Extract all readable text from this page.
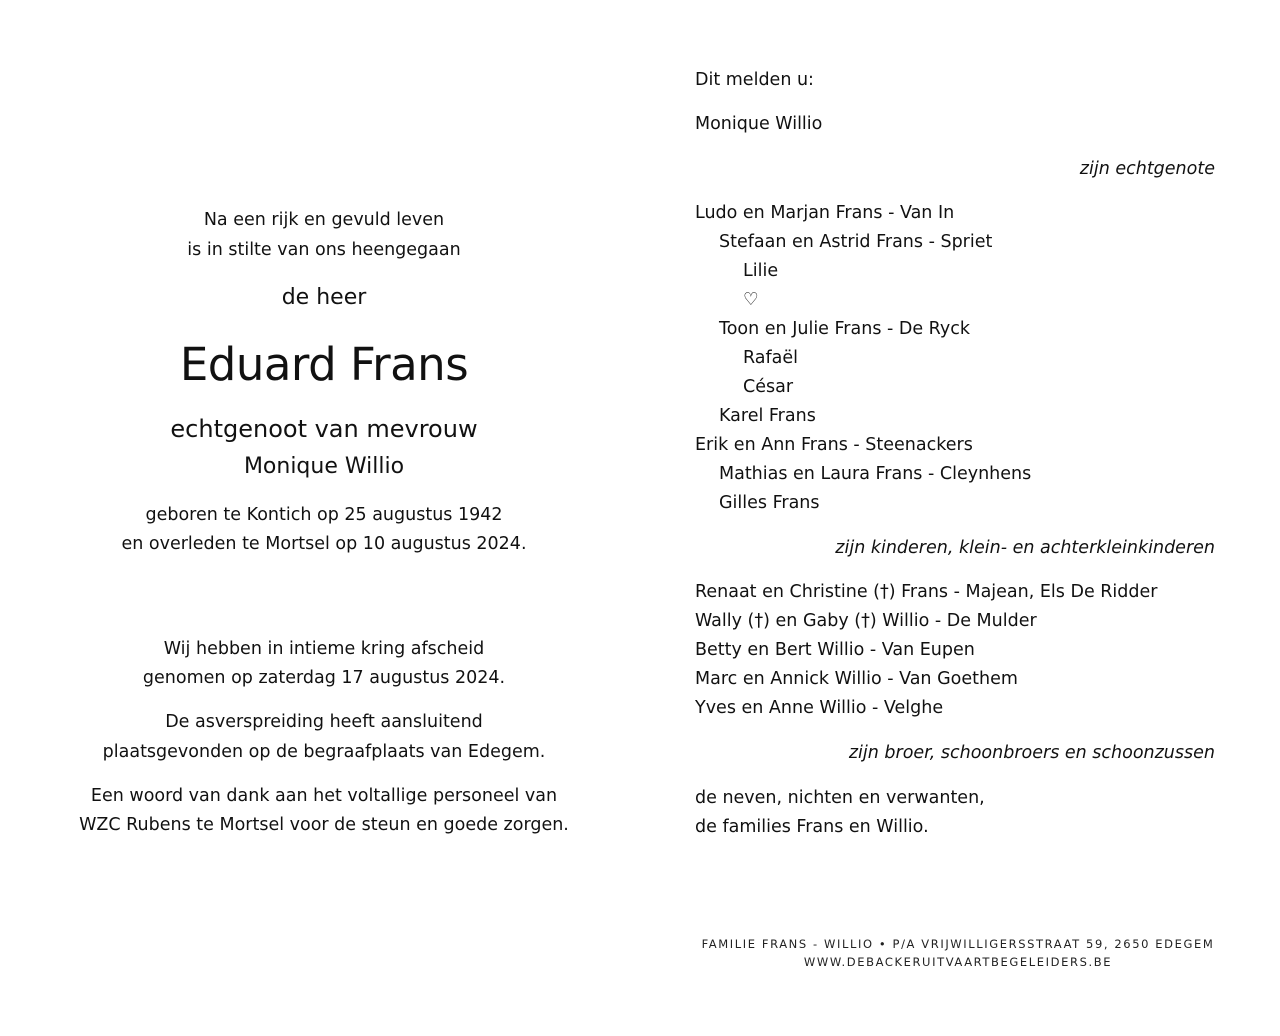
Na een rijk en gevuld leven
is in stilte van ons heengegaan
de heer
Eduard Frans
echtgenoot van mevrouw
Monique Willio
geboren te Kontich op 25 augustus 1942
en overleden te Mortsel op 10 augustus 2024.
Wij hebben in intieme kring afscheid
genomen op zaterdag 17 augustus 2024.
De asverspreiding heeft aansluitend
plaatsgevonden op de begraafplaats van Edegem.
Een woord van dank aan het voltallige personeel van
WZC Rubens te Mortsel voor de steun en goede zorgen.
Dit melden u:
Monique Willio
zijn echtgenote
Ludo en Marjan Frans - Van In
Stefaan en Astrid Frans - Spriet
Lilie
♡
Toon en Julie Frans - De Ryck
Rafaël
César
Karel Frans
Erik en Ann Frans - Steenackers
Mathias en Laura Frans - Cleynhens
Gilles Frans
zijn kinderen, klein- en achterkleinkinderen
Renaat en Christine (†) Frans - Majean, Els De Ridder
Wally (†) en Gaby (†) Willio - De Mulder
Betty en Bert Willio - Van Eupen
Marc en Annick Willio - Van Goethem
Yves en Anne Willio - Velghe
zijn broer, schoonbroers en schoonzussen
de neven, nichten en verwanten,
de families Frans en Willio.
FAMILIE FRANS - WILLIO • P/A VRIJWILLIGERSSTRAAT 59, 2650 EDEGEM
WWW.DEBACKERUITVAARTBEGELEIDERS.BE
